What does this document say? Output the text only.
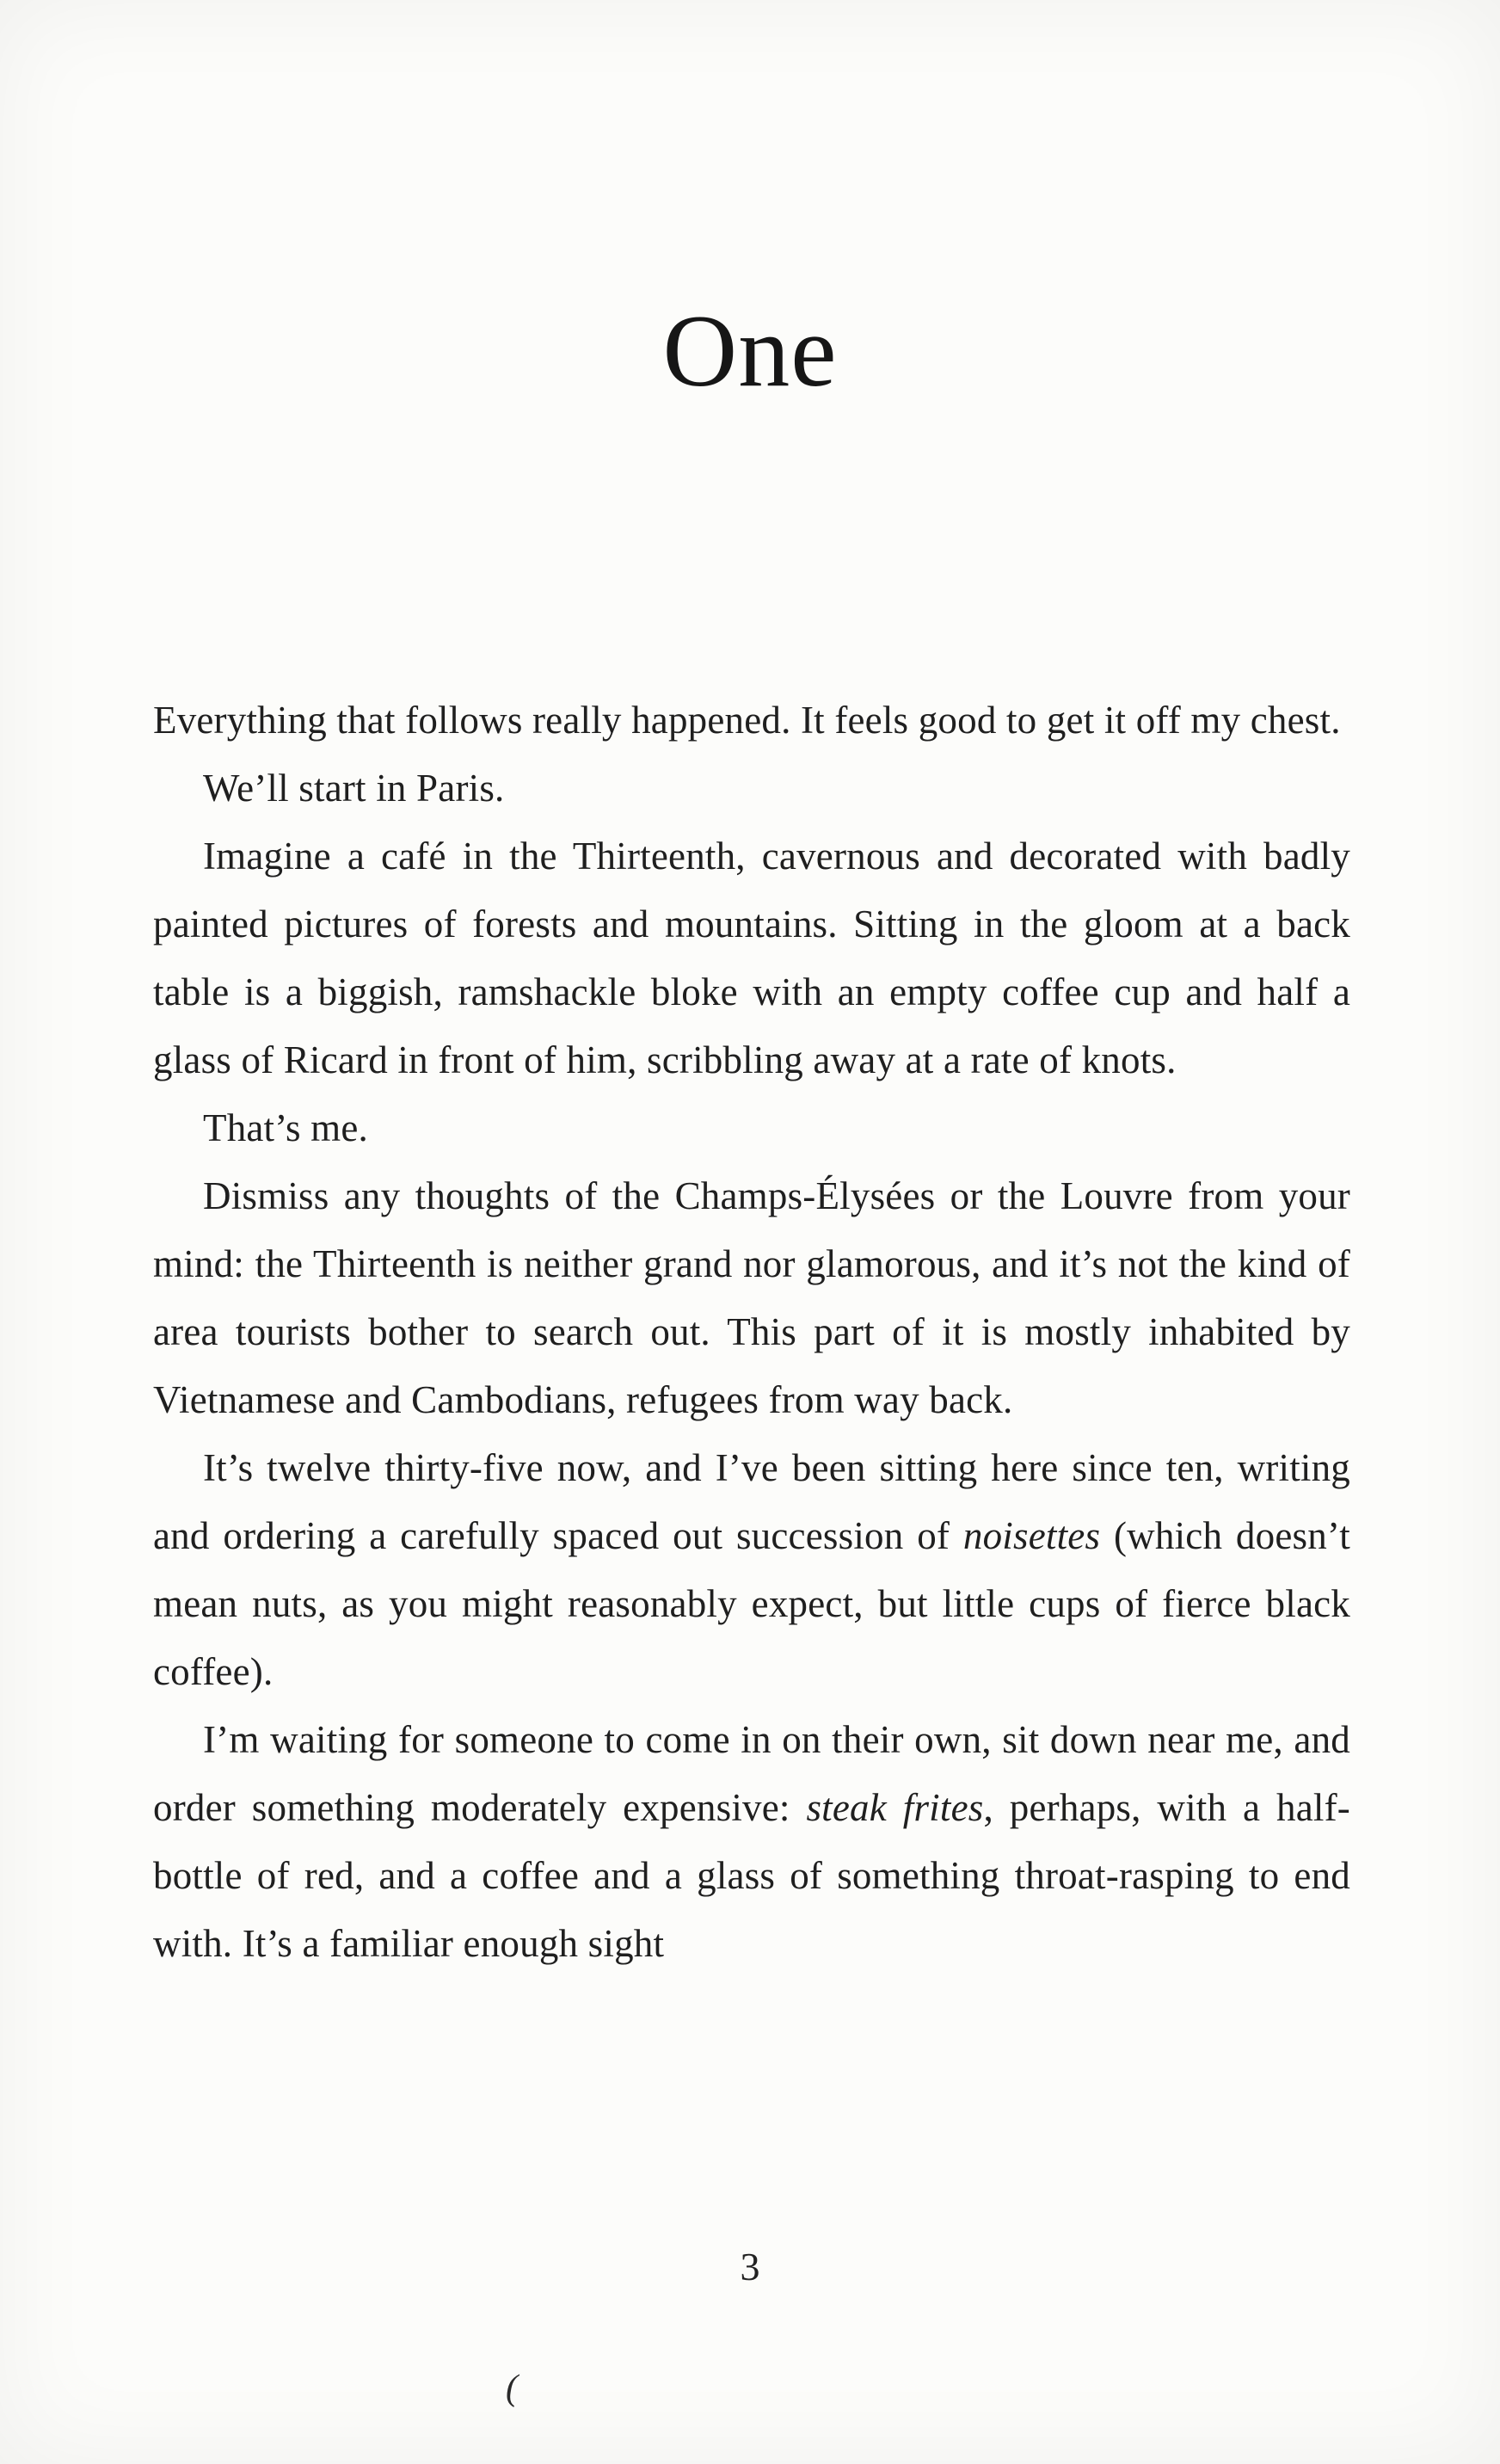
One

Everything that follows really happened. It feels good to get it off my chest.

We’ll start in Paris.

Imagine a café in the Thirteenth, cavernous and decorated with badly painted pictures of forests and mountains. Sitting in the gloom at a back table is a biggish, ramshackle bloke with an empty coffee cup and half a glass of Ricard in front of him, scribbling away at a rate of knots.

That’s me.

Dismiss any thoughts of the Champs-Élysées or the Louvre from your mind: the Thirteenth is neither grand nor glamorous, and it’s not the kind of area tourists bother to search out. This part of it is mostly inhabited by Vietnamese and Cambodians, refugees from way back.

It’s twelve thirty-five now, and I’ve been sitting here since ten, writing and ordering a carefully spaced out succession of noisettes (which doesn’t mean nuts, as you might reasonably expect, but little cups of fierce black coffee).

I’m waiting for someone to come in on their own, sit down near me, and order something moderately expensive: steak frites, perhaps, with a half-bottle of red, and a coffee and a glass of something throat-rasping to end with. It’s a familiar enough sight

3
(
